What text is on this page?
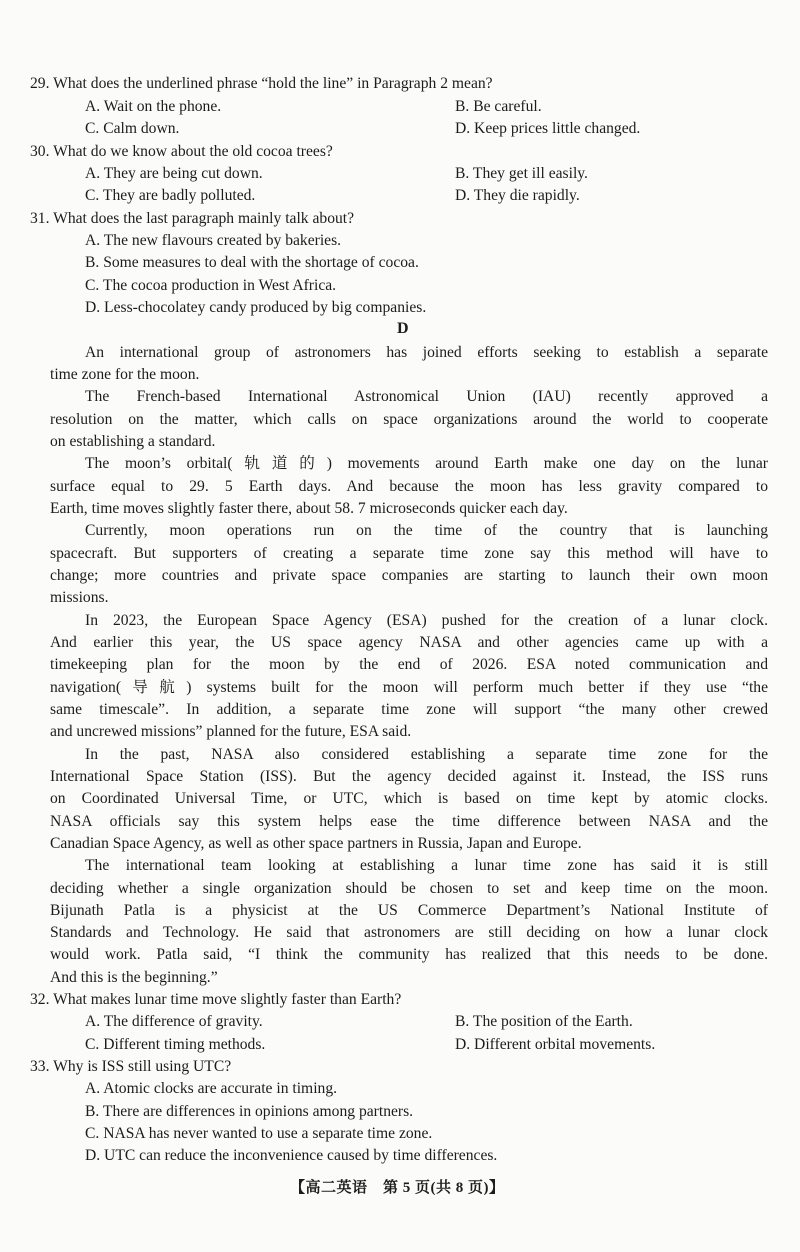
29. What does the underlined phrase “hold the line” in Paragraph 2 mean?
A. Wait on the phone.	B. Be careful.
C. Calm down.	D. Keep prices little changed.
30. What do we know about the old cocoa trees?
A. They are being cut down.	B. They get ill easily.
C. They are badly polluted.	D. They die rapidly.
31. What does the last paragraph mainly talk about?
A. The new flavours created by bakeries.
B. Some measures to deal with the shortage of cocoa.
C. The cocoa production in West Africa.
D. Less-chocolatey candy produced by big companies.
D
An international group of astronomers has joined efforts seeking to establish a separate
time zone for the moon.
The French-based International Astronomical Union (IAU) recently approved a
resolution on the matter, which calls on space organizations around the world to cooperate
on establishing a standard.
The moon’s orbital(轨道的) movements around Earth make one day on the lunar
surface equal to 29. 5 Earth days. And because the moon has less gravity compared to
Earth, time moves slightly faster there, about 58. 7 microseconds quicker each day.
Currently, moon operations run on the time of the country that is launching
spacecraft. But supporters of creating a separate time zone say this method will have to
change; more countries and private space companies are starting to launch their own moon
missions.
In 2023, the European Space Agency (ESA) pushed for the creation of a lunar clock.
And earlier this year, the US space agency NASA and other agencies came up with a
timekeeping plan for the moon by the end of 2026. ESA noted communication and
navigation(导航) systems built for the moon will perform much better if they use “the
same timescale”. In addition, a separate time zone will support “the many other crewed
and uncrewed missions” planned for the future, ESA said.
In the past, NASA also considered establishing a separate time zone for the
International Space Station (ISS). But the agency decided against it. Instead, the ISS runs
on Coordinated Universal Time, or UTC, which is based on time kept by atomic clocks.
NASA officials say this system helps ease the time difference between NASA and the
Canadian Space Agency, as well as other space partners in Russia, Japan and Europe.
The international team looking at establishing a lunar time zone has said it is still
deciding whether a single organization should be chosen to set and keep time on the moon.
Bijunath Patla is a physicist at the US Commerce Department’s National Institute of
Standards and Technology. He said that astronomers are still deciding on how a lunar clock
would work. Patla said, “I think the community has realized that this needs to be done.
And this is the beginning.”
32. What makes lunar time move slightly faster than Earth?
A. The difference of gravity.	B. The position of the Earth.
C. Different timing methods.	D. Different orbital movements.
33. Why is ISS still using UTC?
A. Atomic clocks are accurate in timing.
B. There are differences in opinions among partners.
C. NASA has never wanted to use a separate time zone.
D. UTC can reduce the inconvenience caused by time differences.
【高二英语　第 5 页(共 8 页)】
